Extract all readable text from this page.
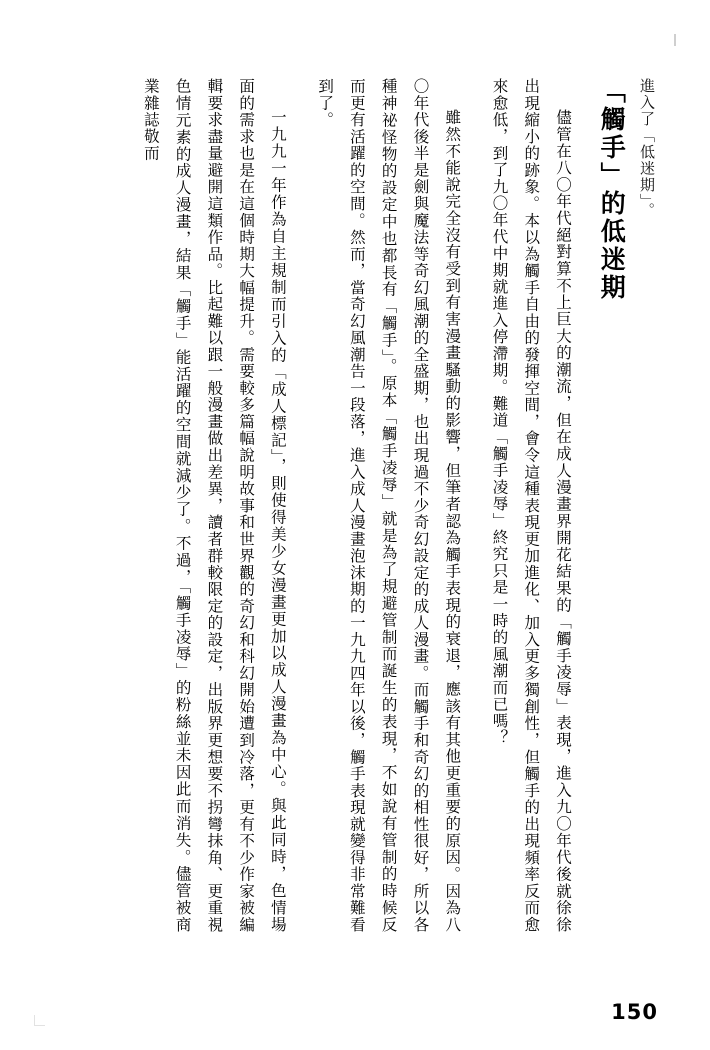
進入了「低迷期」。
「觸手」的低迷期

儘管在八〇年代絕對算不上巨大的潮流，但在成人漫畫界開花結果的「觸手凌辱」表現，進入九〇年代後就徐徐出現縮小的跡象。本以為觸手自由的發揮空間，會令這種表現更加進化、加入更多獨創性，但觸手的出現頻率反而愈來愈低，到了九〇年代中期就進入停滯期。難道「觸手凌辱」終究只是一時的風潮而已嗎？

雖然不能說完全沒有受到有害漫畫騷動的影響，但筆者認為觸手表現的衰退，應該有其他更重要的原因。因為八〇年代後半是劍與魔法等奇幻風潮的全盛期，也出現過不少奇幻設定的成人漫畫。而觸手和奇幻的相性很好，所以各種神祕怪物的設定中也都長有「觸手」。原本「觸手凌辱」就是為了規避管制而誕生的表現，不如說有管制的時候反而更有活躍的空間。然而，當奇幻風潮告一段落，進入成人漫畫泡沫期的一九九四年以後，觸手表現就變得非常難看到了。

一九九一年作為自主規制而引入的「成人標記」，則使得美少女漫畫更加以成人漫畫為中心。與此同時，色情場面的需求也是在這個時期大幅提升。需要較多篇幅說明故事和世界觀的奇幻和科幻開始遭到冷落，更有不少作家被編輯要求盡量避開這類作品。比起難以跟一般漫畫做出差異，讀者群較限定的設定，出版界更想要不拐彎抹角、更重視色情元素的成人漫畫，結果「觸手」能活躍的空間就減少了。不過，「觸手凌辱」的粉絲並未因此而消失。儘管被商業雜誌敬而

150
